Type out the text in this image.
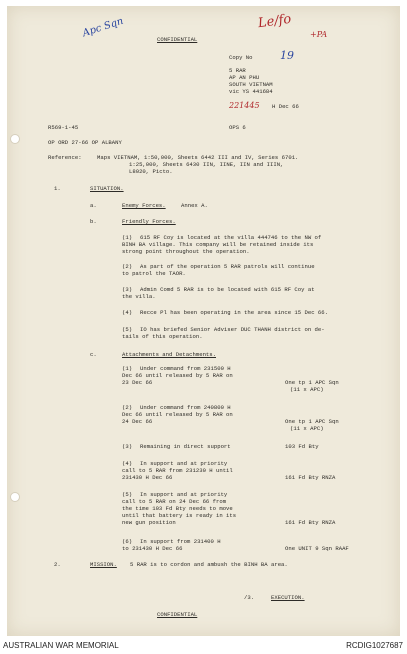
CONFIDENTIAL
Apc Sqn	Le/fo
+PA
Copy No	19
5 RAR
AP AN PHU
SOUTH VIETNAM
vic YS 441684
221445 H Dec 66
R569-1-45	OPS 6
OP ORD 27-66 OP ALBANY
Reference:	Maps VIETNAM, 1:50,000, Sheets 6442 III and IV, Series 6701.
1:25,000, Sheets 6430 IIN, IINE, IIN and IIIN,
L8020, Picto.
1.	SITUATION.
a.	Enemy Forces.	Annex A.
b.	Friendly Forces.
(1) 615 RF Coy is located at the villa 444746 to the NW of
BINH BA village. This company will be retained inside its
strong point throughout the operation.
(2) As part of the operation 5 RAR patrols will continue
to patrol the TAOR.
(3) Admin Comd 5 RAR is to be located with 615 RF Coy at
the villa.
(4) Recce Pl has been operating in the area since 15 Dec 66.
(5) IO has briefed Senior Adviser DUC THANH district on de-
tails of this operation.
c.	Attachments and Detachments.
(1) Under command from 231500 H
Dec 66 until released by 5 RAR on
23 Dec 66	One tp 1 APC Sqn
(11 x APC)
(2) Under command from 240800 H
Dec 66 until released by 5 RAR on
24 Dec 66	One tp 1 APC Sqn
(11 x APC)
(3) Remaining in direct support	103 Fd Bty
(4) In support and at priority
call to 5 RAR from 231230 H until
231430 H Dec 66	161 Fd Bty RNZA
(5) In support and at priority
call to 5 RAR on 24 Dec 66 from
the time 103 Fd Bty needs to move
until that battery is ready in its
new gun position	161 Fd Bty RNZA
(6) In support from 231400 H
to 231430 H Dec 66	One UNIT 9 Sqn RAAF
2.	MISSION. 5 RAR is to cordon and ambush the BINH BA area.
/3.	EXECUTION.
CONFIDENTIAL
AUSTRALIAN WAR MEMORIAL	RCDIG1027687
